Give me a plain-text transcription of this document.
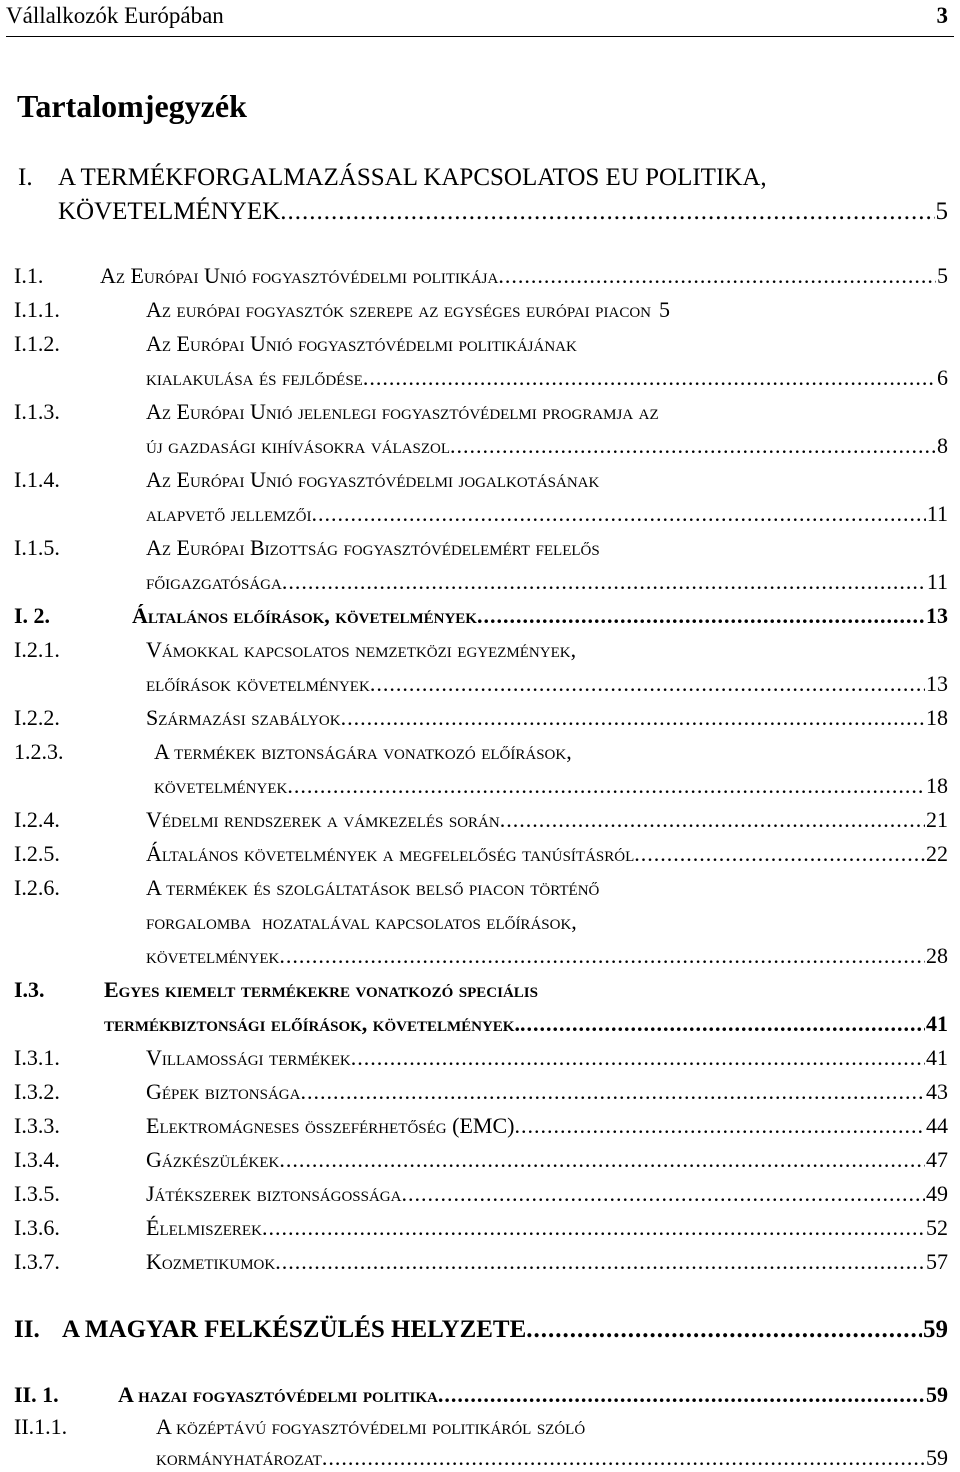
Vállalkozók Európában	3
Tartalomjegyzék
I. A TERMÉKFORGALMAZÁSSAL KAPCSOLATOS EU POLITIKA,
KÖVETELMÉNYEK .....	5
I.1.	Az Európai Unió fogyasztóvédelmi politikája .....	5
I.1.1.	Az európai fogyasztók szerepe az egységes európai piacon 5
I.1.2.	Az Európai Unió fogyasztóvédelmi politikájának
kialakulása és fejlődése .....	6
I.1.3.	Az Európai Unió jelenlegi fogyasztóvédelmi programja az
új gazdasági kihívásokra válaszol .....	8
I.1.4.	Az Európai Unió fogyasztóvédelmi jogalkotásának
alapvető jellemzői .....	11
I.1.5.	Az Európai Bizottság fogyasztóvédelemért felelős
főigazgatósága .....	11
I. 2.	Általános előírások, követelmények .....	13
I.2.1.	Vámokkal kapcsolatos nemzetközi egyezmények,
előírások követelmények .....	13
I.2.2.	Származási szabályok .....	18
1.2.3.	A termékek biztonságára vonatkozó előírások,
követelmények .....	18
I.2.4.	Védelmi rendszerek a vámkezelés során .....	21
I.2.5.	Általános követelmények a megfelelőség tanúsításról .....	22
I.2.6.	A termékek és szolgáltatások belső piacon történő
forgalomba  hozatalával kapcsolatos előírások,
követelmények .....	28
I.3.	Egyes kiemelt termékekre vonatkozó speciális
termékbiztonsági előírások, követelmények. .....	41
I.3.1.	Villamossági termékek .....	41
I.3.2.	Gépek biztonsága .....	43
I.3.3.	Elektromágneses összeférhetőség (EMC) .....	44
I.3.4.	Gázkészülékek .....	47
I.3.5.	Játékszerek biztonságossága .....	49
I.3.6.	Élelmiszerek .....	52
I.3.7.	Kozmetikumok .....	57
II. A MAGYAR FELKÉSZÜLÉS HELYZETE .....	59
II. 1.	A hazai fogyasztóvédelmi politika .....	59
II.1.1.	A középtávú fogyasztóvédelmi politikáról szóló
kormányhatározat .....	59
